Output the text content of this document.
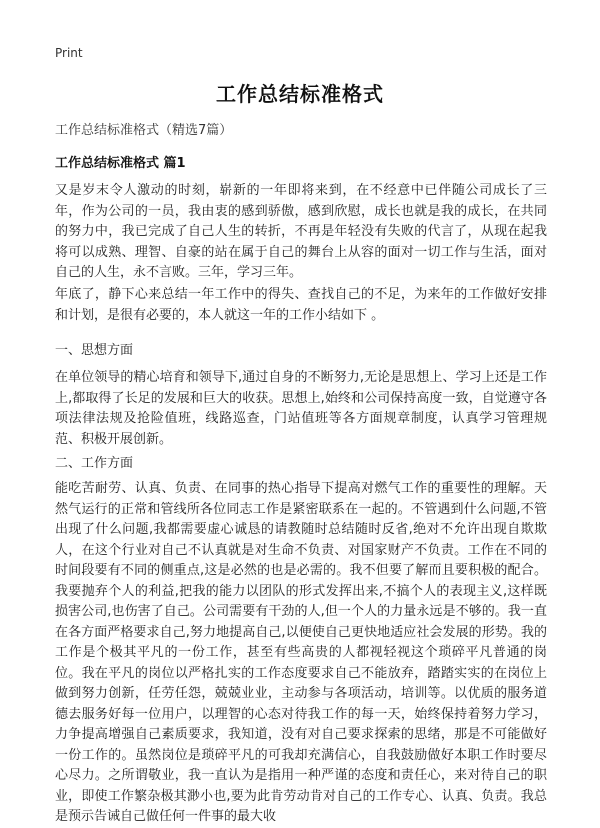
Print
工作总结标准格式
工作总结标准格式（精选7篇）
工作总结标准格式 篇1

又是岁末令人激动的时刻，崭新的一年即将来到，在不经意中已伴随公司成长了三年，作为公司的一员，我由衷的感到骄傲，感到欣慰，成长也就是我的成长，在共同的努力中，我已完成了自己人生的转折，不再是年轻没有失败的代言了，从现在起我将可以成熟、理智、自豪的站在属于自己的舞台上从容的面对一切工作与生活，面对自己的人生，永不言败。三年，学习三年。

年底了，静下心来总结一年工作中的得失、查找自己的不足，为来年的工作做好安排和计划，是很有必要的，本人就这一年的工作小结如下 。

一、思想方面

在单位领导的精心培育和领导下,通过自身的不断努力,无论是思想上、学习上还是工作上,都取得了长足的发展和巨大的收获。思想上,始终和公司保持高度一致，自觉遵守各项法律法规及抢险值班，线路巡查，门站值班等各方面规章制度，认真学习管理规范、积极开展创新。

二、工作方面

能吃苦耐劳、认真、负责、在同事的热心指导下提高对燃气工作的重要性的理解。天然气运行的正常和管线所各位同志工作是紧密联系在一起的。不管遇到什么问题,不管出现了什么问题,我都需要虚心诚恳的请教随时总结随时反省,绝对不允许出现自欺欺人，在这个行业对自己不认真就是对生命不负责、对国家财产不负责。工作在不同的时间段要有不同的侧重点,这是必然的也是必需的。我不但要了解而且要积极的配合。我要抛弃个人的利益,把我的能力以团队的形式发挥出来,不搞个人的表现主义,这样既损害公司,也伤害了自己。公司需要有干劲的人,但一个人的力量永远是不够的。我一直在各方面严格要求自己,努力地提高自己,以便使自己更快地适应社会发展的形势。我的工作是个极其平凡的一份工作，甚至有些高贵的人都视轻视这个琐碎平凡普通的岗位。我在平凡的岗位以严格扎实的工作态度要求自己不能放弃，踏踏实实的在岗位上做到努力创新，任劳任怨，兢兢业业，主动参与各项活动，培训等。以优质的服务道德去服务好每一位用户，以理智的心态对待我工作的每一天，始终保持着努力学习，力争提高增强自己素质要求，我知道，没有对自己要求探索的思绪，那是不可能做好一份工作的。虽然岗位是琐碎平凡的可我却充满信心，自我鼓励做好本职工作时要尽心尽力。之所谓敬业，我一直认为是指用一种严谨的态度和责任心，来对待自己的职业，即使工作繁杂极其渺小也,要为此肯劳动肯对自己的工作专心、认真、负责。我总是预示告诫自己做任何一件事的最大收
